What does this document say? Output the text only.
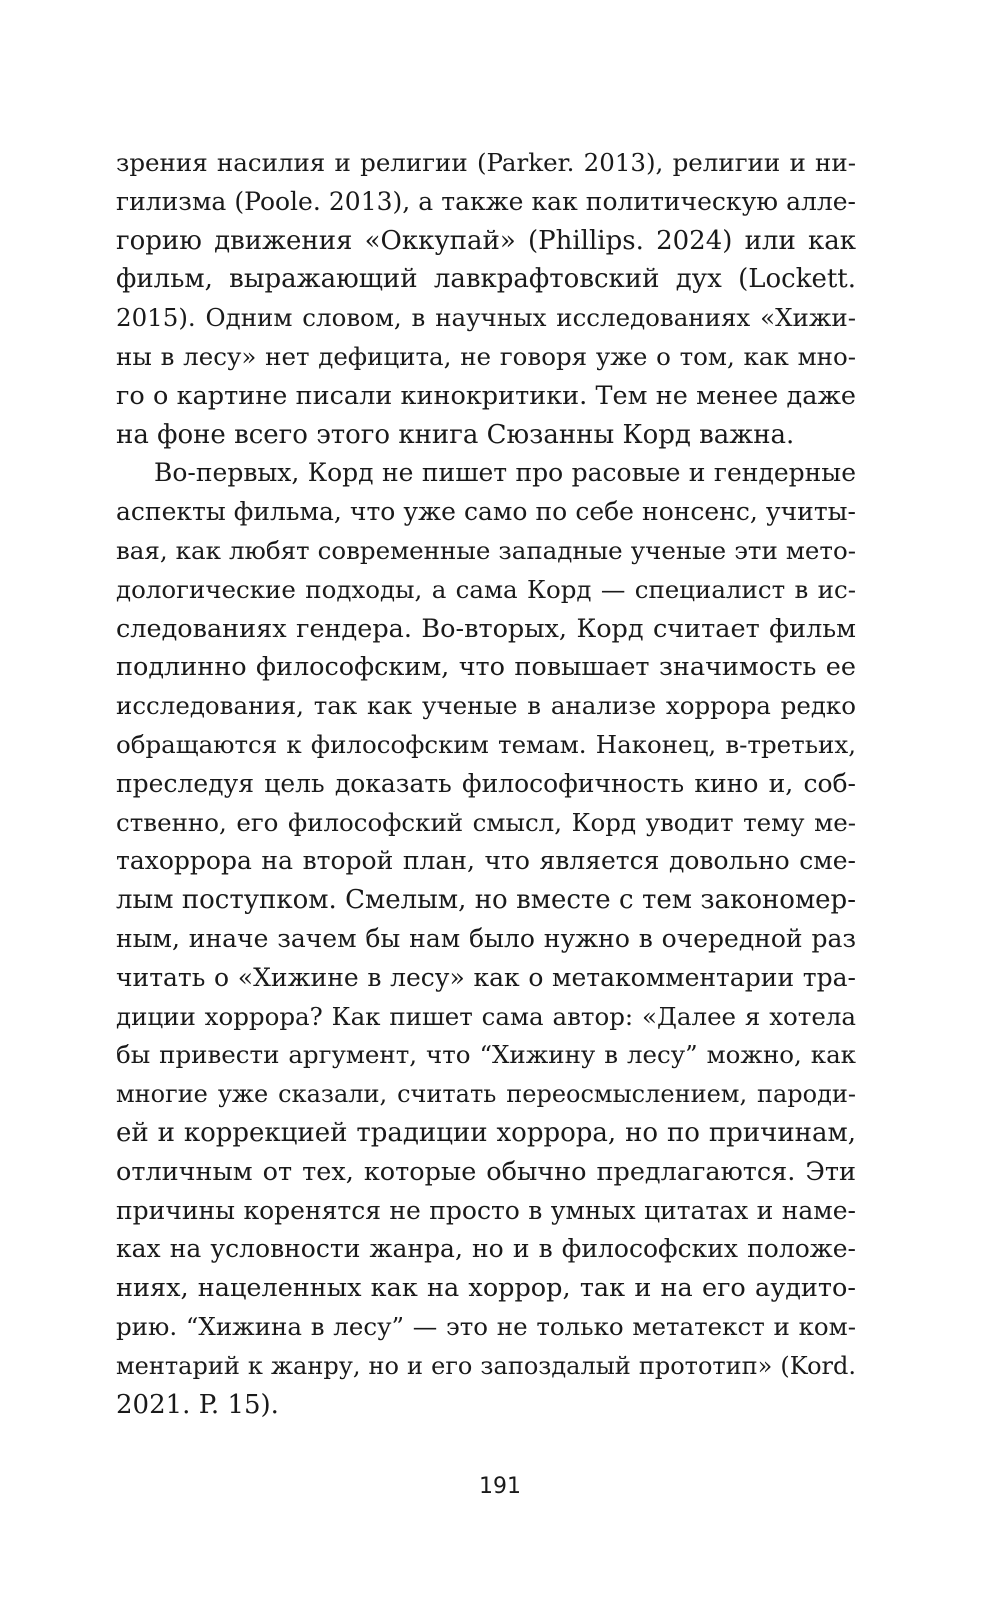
зрения насилия и религии (Parker. 2013), религии и ни-
гилизма (Poole. 2013), а также как политическую алле-
горию движения «Оккупай» (Phillips. 2024) или как
фильм, выражающий лавкрафтовский дух (Lockett.
2015). Одним словом, в научных исследованиях «Хижи-
ны в лесу» нет дефицита, не говоря уже о том, как мно-
го о картине писали кинокритики. Тем не менее даже
на фоне всего этого книга Сюзанны Корд важна.
Во-первых, Корд не пишет про расовые и гендерные
аспекты фильма, что уже само по себе нонсенс, учиты-
вая, как любят современные западные ученые эти мето-
дологические подходы, а сама Корд — специалист в ис-
следованиях гендера. Во-вторых, Корд считает фильм
подлинно философским, что повышает значимость ее
исследования, так как ученые в анализе хоррора редко
обращаются к философским темам. Наконец, в-третьих,
преследуя цель доказать философичность кино и, соб-
ственно, его философский смысл, Корд уводит тему ме-
тахоррора на второй план, что является довольно сме-
лым поступком. Смелым, но вместе с тем закономер-
ным, иначе зачем бы нам было нужно в очередной раз
читать о «Хижине в лесу» как о метакомментарии тра-
диции хоррора? Как пишет сама автор: «Далее я хотела
бы привести аргумент, что “Хижину в лесу” можно, как
многие уже сказали, считать переосмыслением, пароди-
ей и коррекцией традиции хоррора, но по причинам,
отличным от тех, которые обычно предлагаются. Эти
причины коренятся не просто в умных цитатах и наме-
ках на условности жанра, но и в философских положе-
ниях, нацеленных как на хоррор, так и на его аудито-
рию. “Хижина в лесу” — это не только метатекст и ком-
ментарий к жанру, но и его запоздалый прототип» (Kord.
2021. P. 15).
191
